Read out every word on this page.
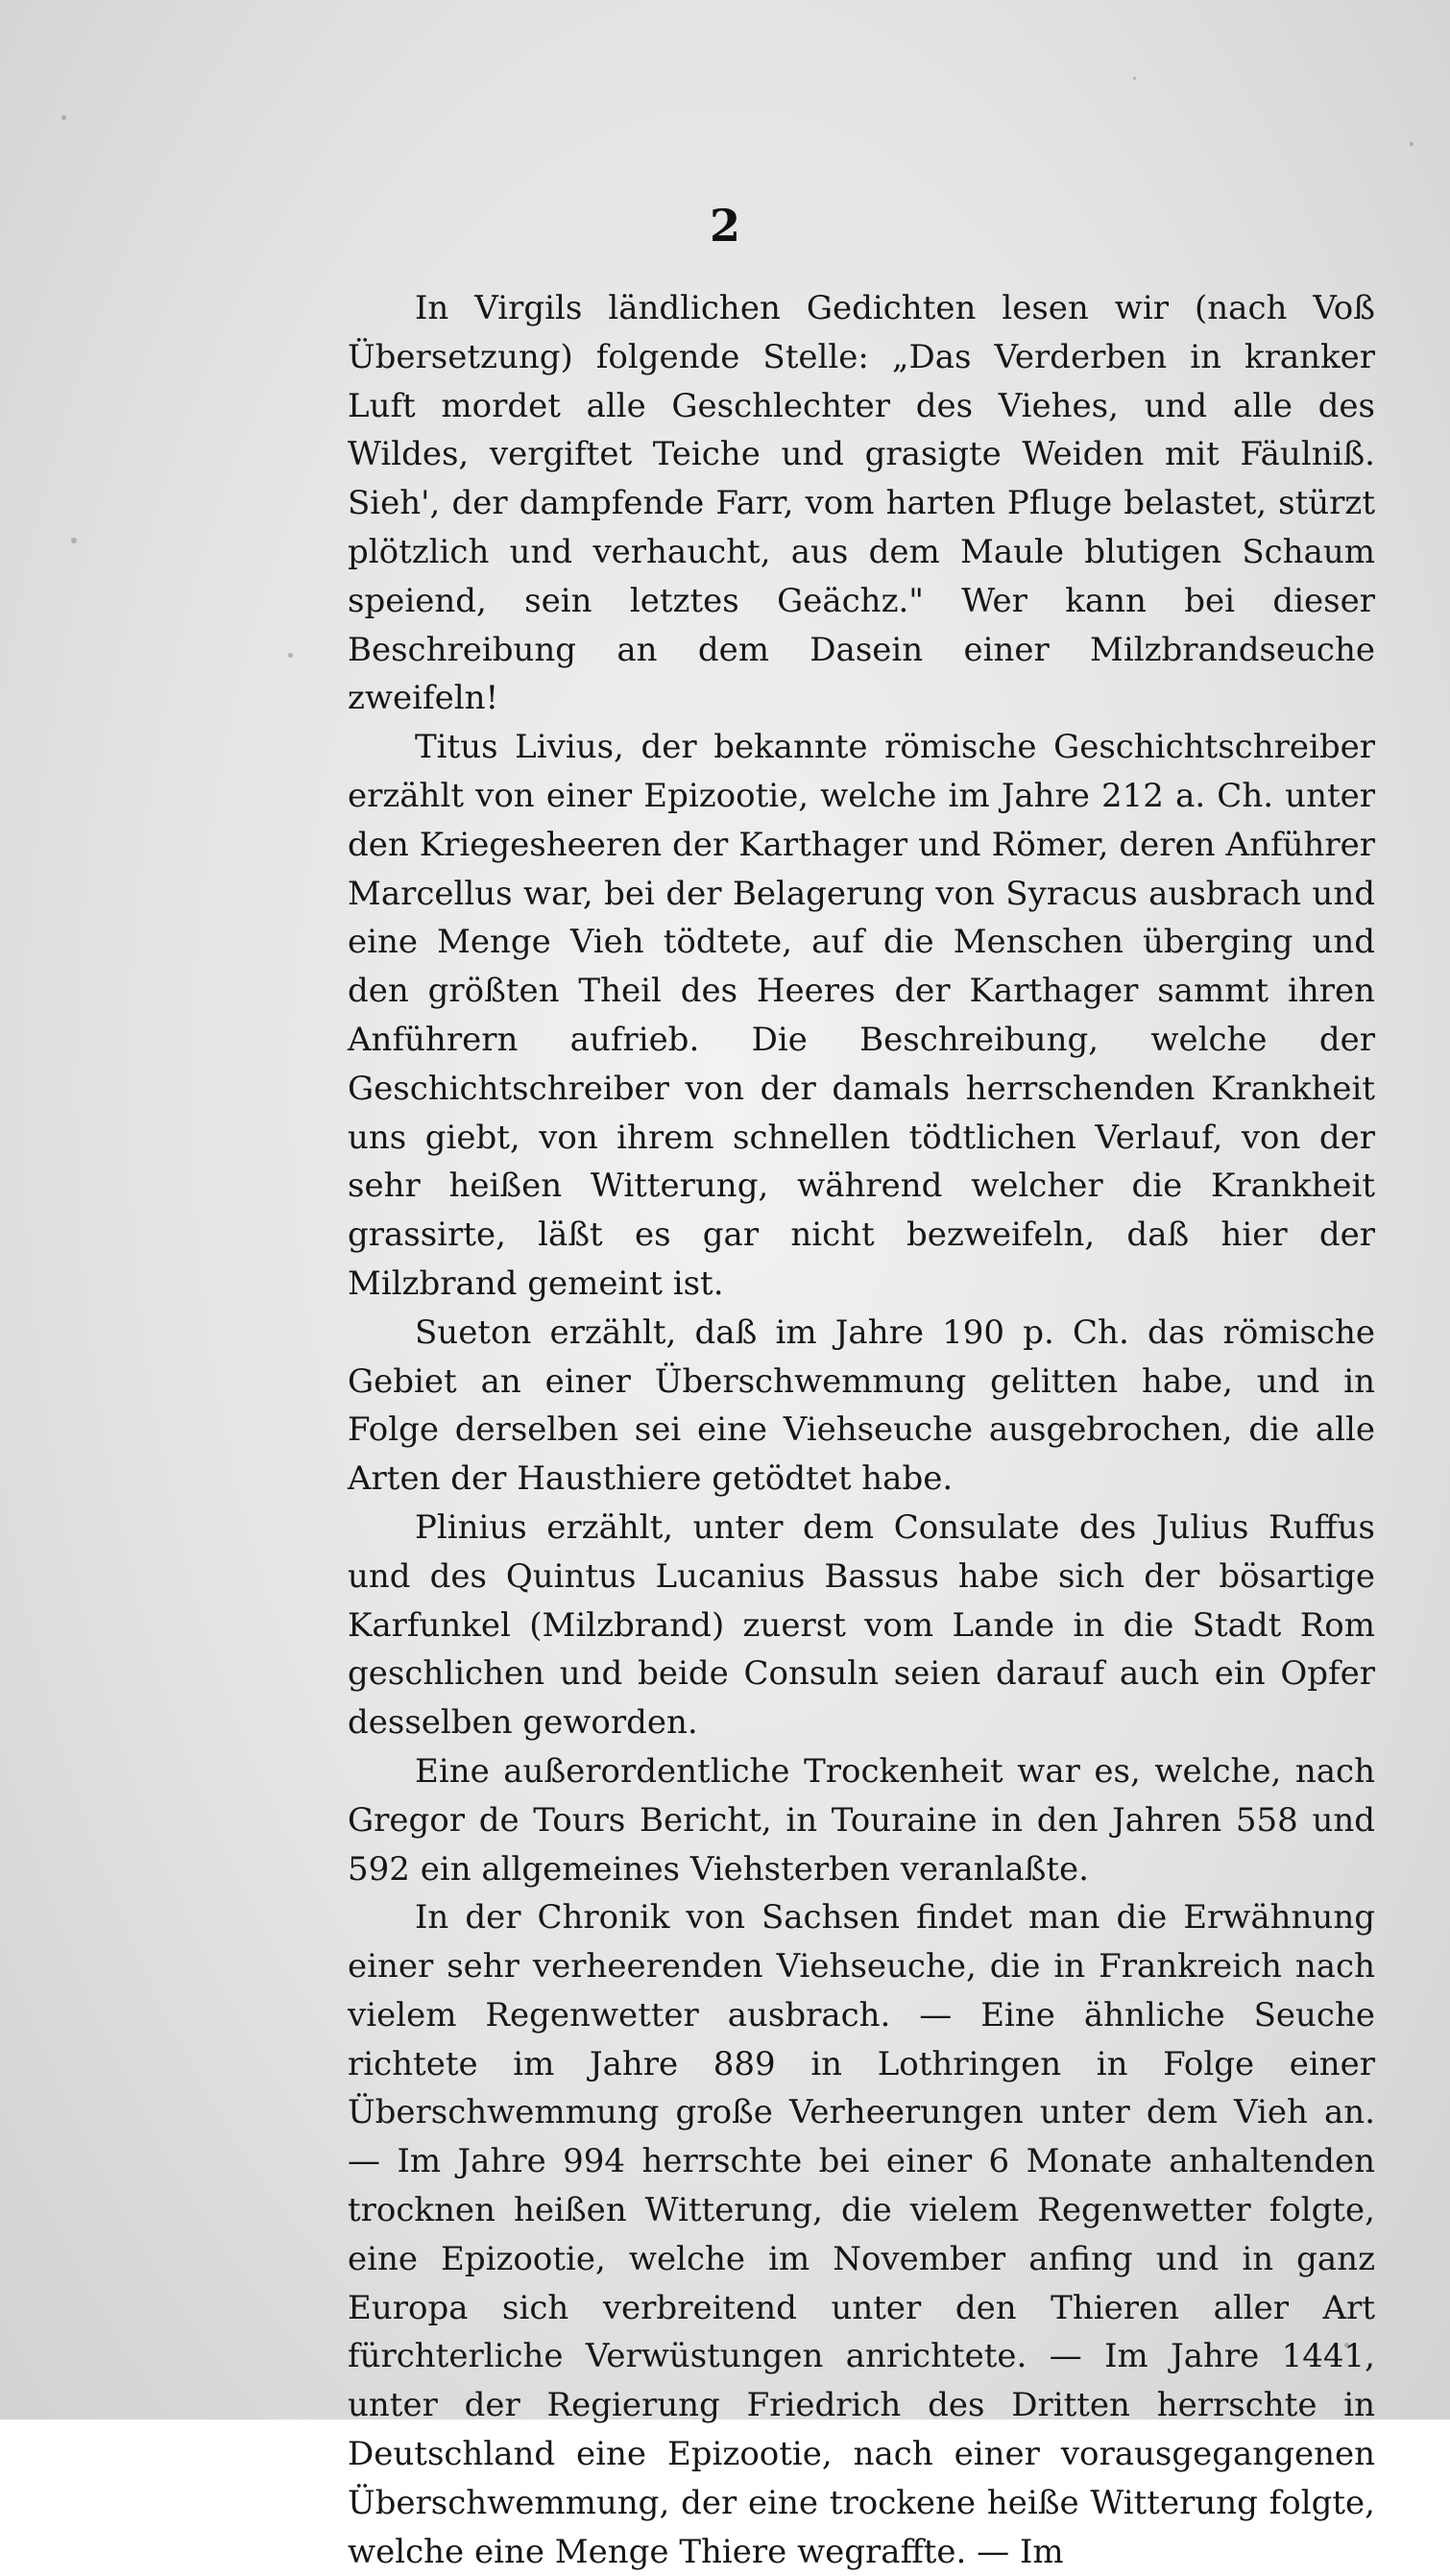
2

In Virgils ländlichen Gedichten lesen wir (nach Voß Übersetzung) folgende Stelle: „Das Verderben in kranker Luft mordet alle Geschlechter des Viehes, und alle des Wildes, vergiftet Teiche und grasigte Weiden mit Fäulniß. Sieh', der dampfende Farr, vom harten Pfluge belastet, stürzt plötzlich und verhaucht, aus dem Maule blutigen Schaum speiend, sein letztes Geächz." Wer kann bei dieser Beschreibung an dem Dasein einer Milzbrandseuche zweifeln!

Titus Livius, der bekannte römische Geschichtschreiber erzählt von einer Epizootie, welche im Jahre 212 a. Ch. unter den Kriegesheeren der Karthager und Römer, deren Anführer Marcellus war, bei der Belagerung von Syracus ausbrach und eine Menge Vieh tödtete, auf die Menschen überging und den größten Theil des Heeres der Karthager sammt ihren Anführern aufrieb. Die Beschreibung, welche der Geschichtschreiber von der damals herrschenden Krankheit uns giebt, von ihrem schnellen tödtlichen Verlauf, von der sehr heißen Witterung, während welcher die Krankheit grassirte, läßt es gar nicht bezweifeln, daß hier der Milzbrand gemeint ist.

Sueton erzählt, daß im Jahre 190 p. Ch. das römische Gebiet an einer Überschwemmung gelitten habe, und in Folge derselben sei eine Viehseuche ausgebrochen, die alle Arten der Hausthiere getödtet habe.

Plinius erzählt, unter dem Consulate des Julius Ruffus und des Quintus Lucanius Bassus habe sich der bösartige Karfunkel (Milzbrand) zuerst vom Lande in die Stadt Rom geschlichen und beide Consuln seien darauf auch ein Opfer desselben geworden.

Eine außerordentliche Trockenheit war es, welche, nach Gregor de Tours Bericht, in Touraine in den Jahren 558 und 592 ein allgemeines Viehsterben veranlaßte.

In der Chronik von Sachsen findet man die Erwähnung einer sehr verheerenden Viehseuche, die in Frankreich nach vielem Regenwetter ausbrach. — Eine ähnliche Seuche richtete im Jahre 889 in Lothringen in Folge einer Überschwemmung große Verheerungen unter dem Vieh an. — Im Jahre 994 herrschte bei einer 6 Monate anhaltenden trocknen heißen Witterung, die vielem Regenwetter folgte, eine Epizootie, welche im November anfing und in ganz Europa sich verbreitend unter den Thieren aller Art fürchterliche Verwüstungen anrichtete. — Im Jahre 1441, unter der Regierung Friedrich des Dritten herrschte in Deutschland eine Epizootie, nach einer vorausgegangenen Überschwemmung, der eine trockene heiße Witterung folgte, welche eine Menge Thiere wegraffte. — Im
